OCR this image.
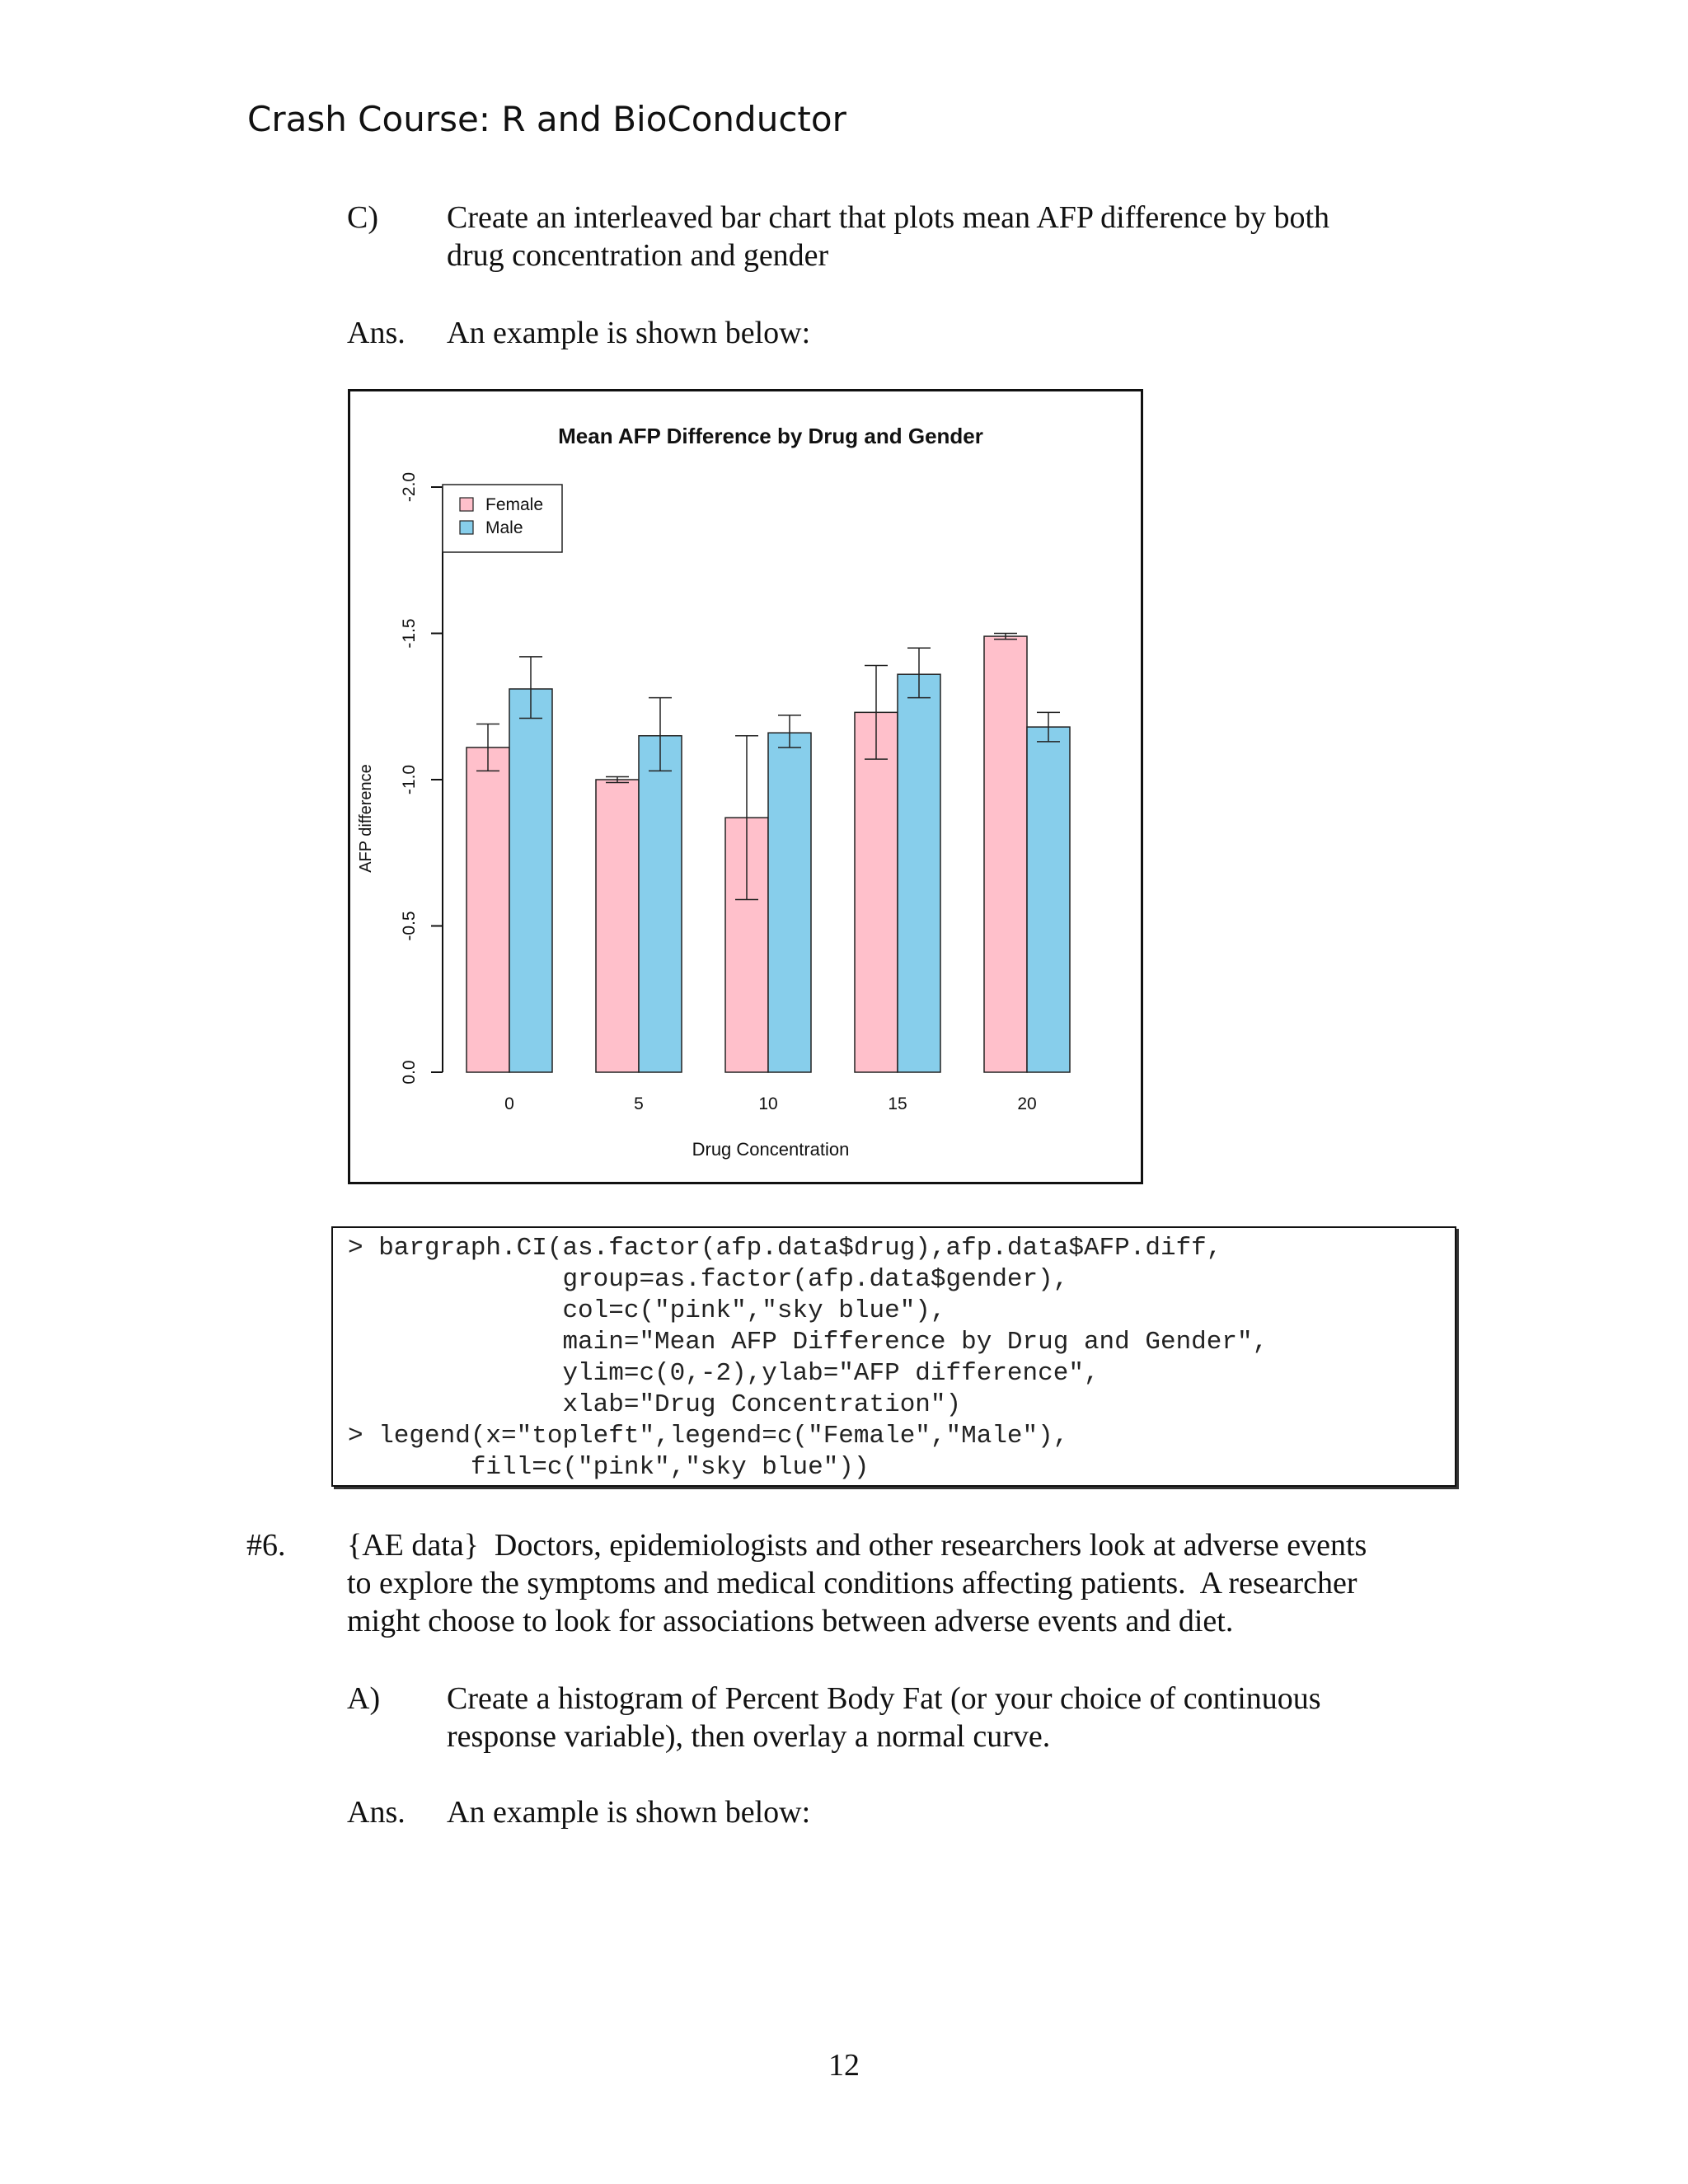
Crash Course: R and BioConductor
C) Create an interleaved bar chart that plots mean AFP difference by both
drug concentration and gender
Ans. An example is shown below:
Mean AFP Difference by Drug and Gender
Drug Concentration
AFP difference
0.0
-0.5
-1.0
-1.5
-2.0
0	5	10	15	20
Female
Male
> bargraph.CI(as.factor(afp.data$drug),afp.data$AFP.diff,
group=as.factor(afp.data$gender),
col=c("pink","sky blue"),
main="Mean AFP Difference by Drug and Gender",
ylim=c(0,-2),ylab="AFP difference",
xlab="Drug Concentration")
> legend(x="topleft",legend=c("Female","Male"),
fill=c("pink","sky blue"))
#6. {AE data}  Doctors, epidemiologists and other researchers look at adverse events
to explore the symptoms and medical conditions affecting patients.  A researcher
might choose to look for associations between adverse events and diet.
A) Create a histogram of Percent Body Fat (or your choice of continuous
response variable), then overlay a normal curve.
Ans. An example is shown below:
12
